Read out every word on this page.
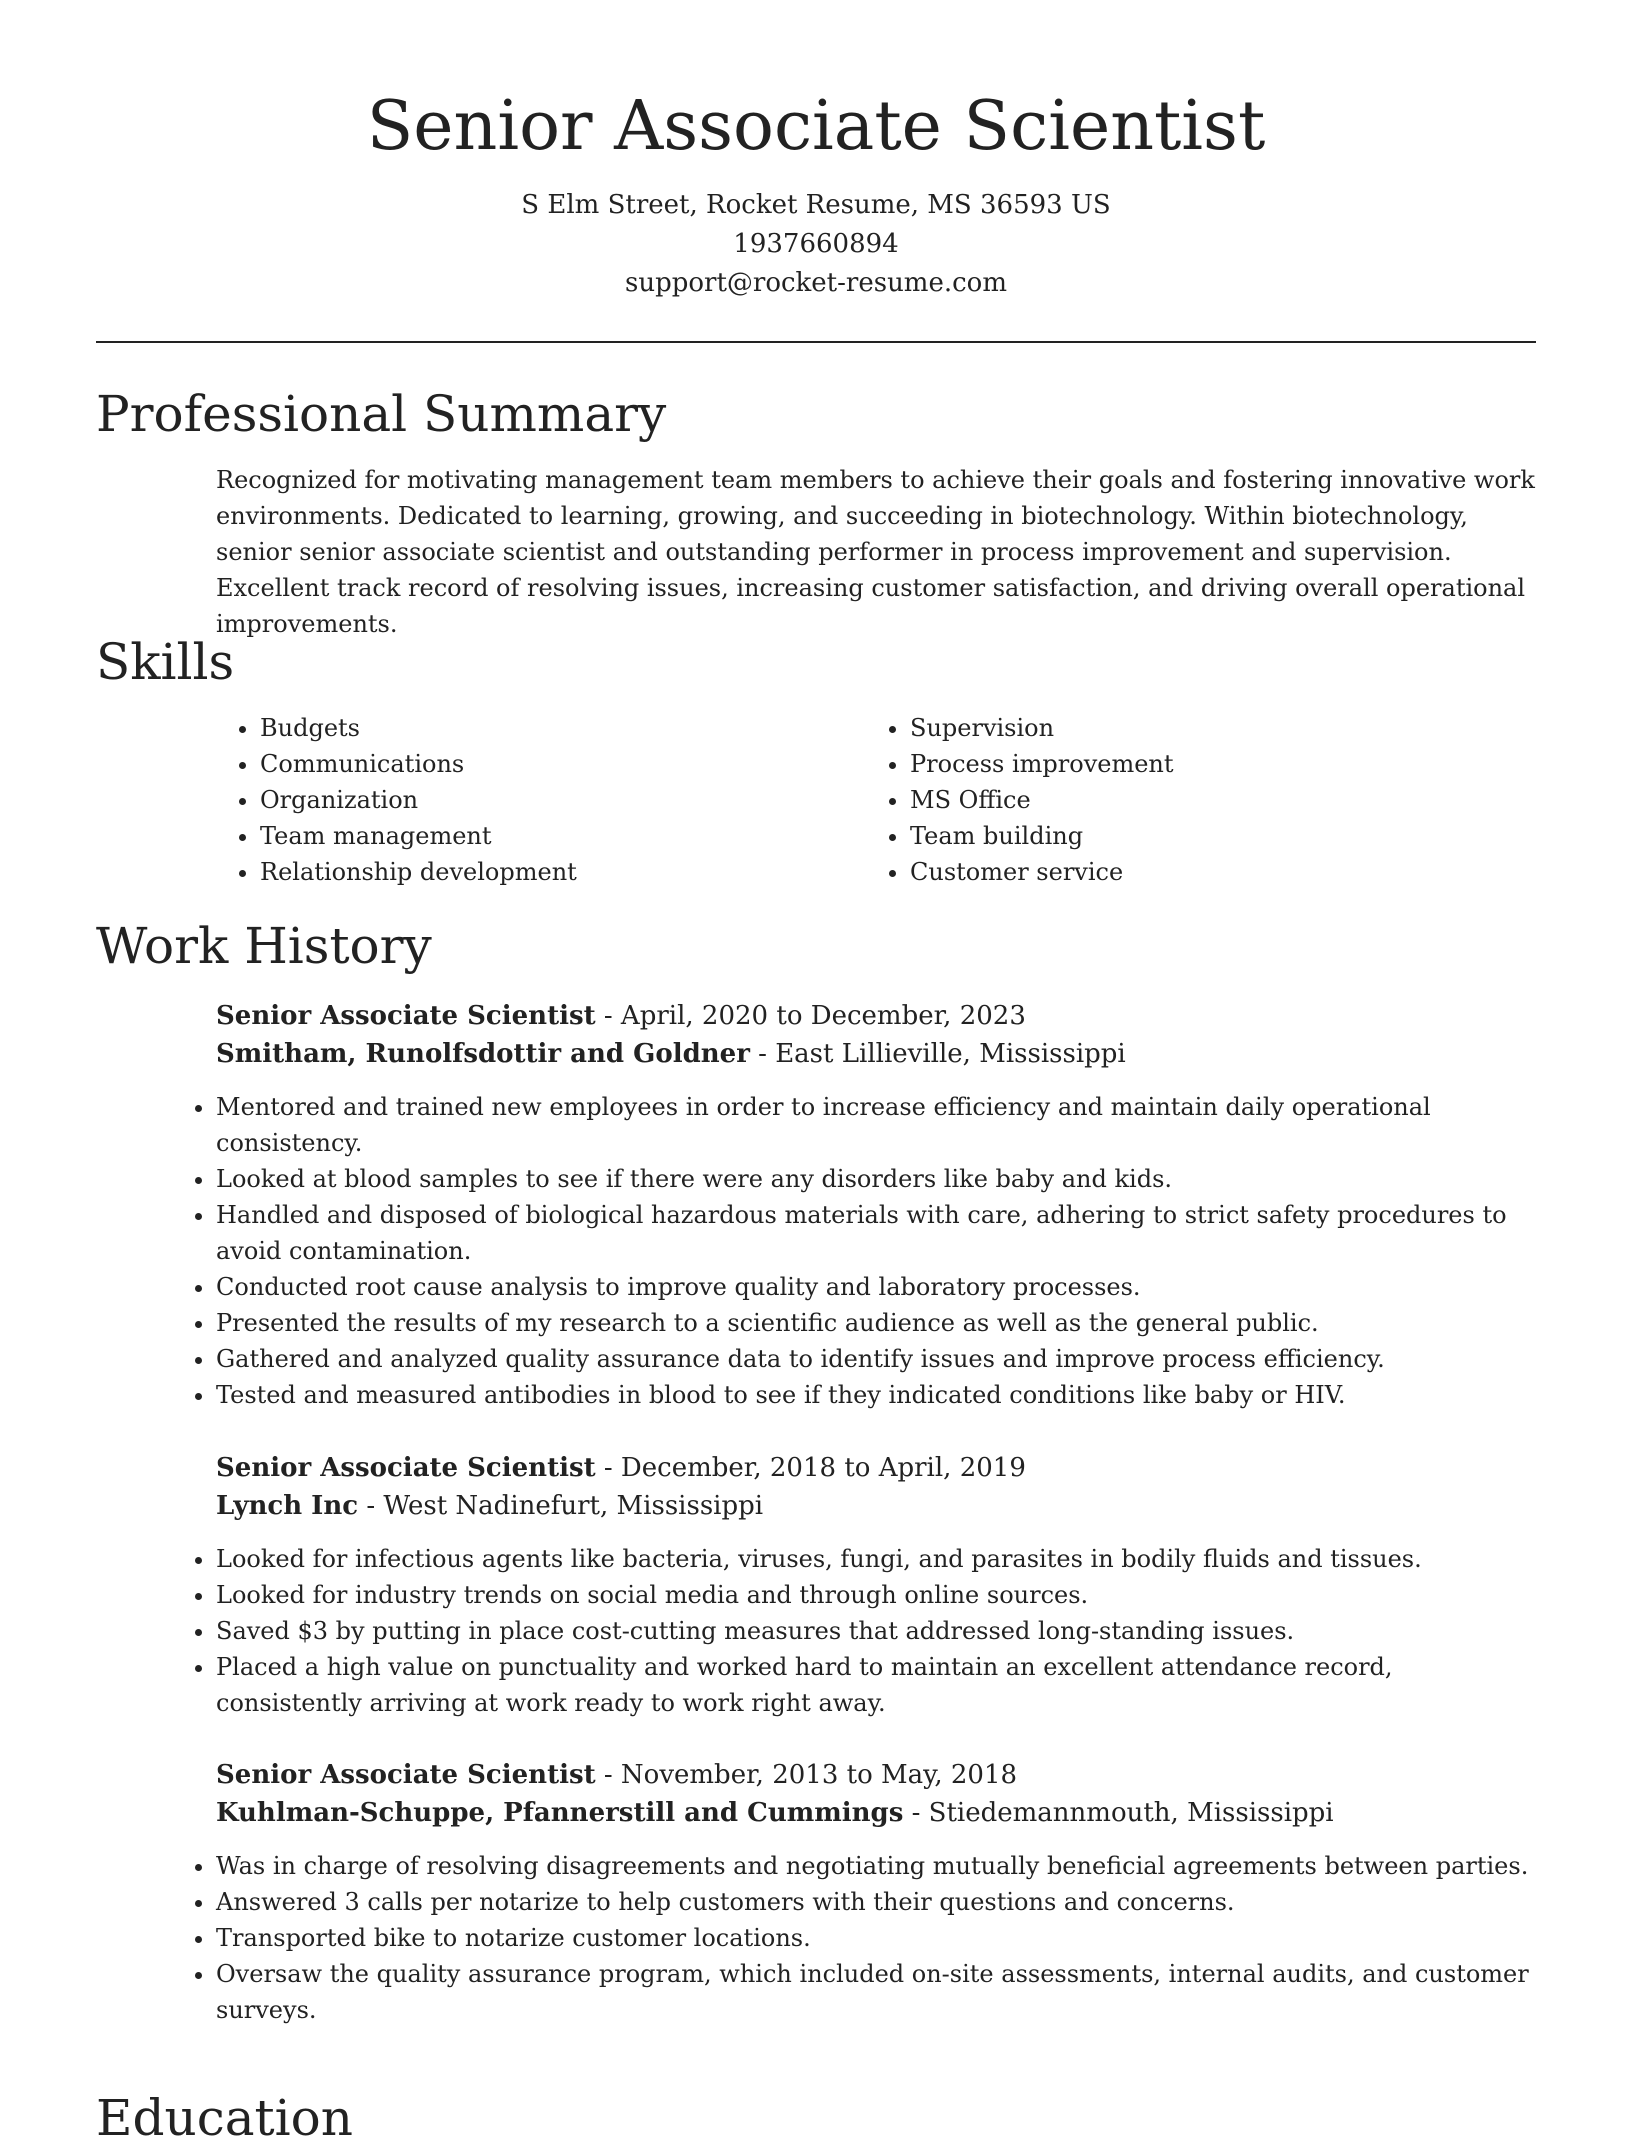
Senior Associate Scientist
S Elm Street, Rocket Resume, MS 36593 US
1937660894
support@rocket-resume.com
Professional Summary

Recognized for motivating management team members to achieve their goals and fostering innovative work environments. Dedicated to learning, growing, and succeeding in biotechnology. Within biotechnology, senior senior associate scientist and outstanding performer in process improvement and supervision. Excellent track record of resolving issues, increasing customer satisfaction, and driving overall operational improvements.

Skills
• Budgets
• Communications
• Organization
• Team management
• Relationship development
• Supervision
• Process improvement
• MS Office
• Team building
• Customer service
Work History
Senior Associate Scientist - April, 2020 to December, 2023
Smitham, Runolfsdottir and Goldner - East Lillieville, Mississippi
• Mentored and trained new employees in order to increase efficiency and maintain daily operational consistency.
• Looked at blood samples to see if there were any disorders like baby and kids.
• Handled and disposed of biological hazardous materials with care, adhering to strict safety procedures to avoid contamination.
• Conducted root cause analysis to improve quality and laboratory processes.
• Presented the results of my research to a scientific audience as well as the general public.
• Gathered and analyzed quality assurance data to identify issues and improve process efficiency.
• Tested and measured antibodies in blood to see if they indicated conditions like baby or HIV.
Senior Associate Scientist - December, 2018 to April, 2019
Lynch Inc - West Nadinefurt, Mississippi
• Looked for infectious agents like bacteria, viruses, fungi, and parasites in bodily fluids and tissues.
• Looked for industry trends on social media and through online sources.
• Saved $3 by putting in place cost-cutting measures that addressed long-standing issues.
• Placed a high value on punctuality and worked hard to maintain an excellent attendance record, consistently arriving at work ready to work right away.
Senior Associate Scientist - November, 2013 to May, 2018
Kuhlman-Schuppe, Pfannerstill and Cummings - Stiedemannmouth, Mississippi
• Was in charge of resolving disagreements and negotiating mutually beneficial agreements between parties.
• Answered 3 calls per notarize to help customers with their questions and concerns.
• Transported bike to notarize customer locations.
• Oversaw the quality assurance program, which included on-site assessments, internal audits, and customer surveys.
Education
